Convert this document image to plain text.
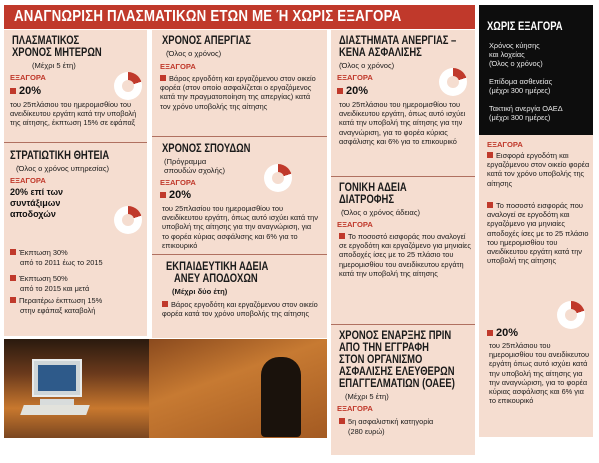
ΑΝΑΓΝΩΡΙΣΗ ΠΛΑΣΜΑΤΙΚΩΝ ΕΤΩΝ ΜΕ Ή ΧΩΡΙΣ ΕΞΑΓΟΡΑ
ΠΛΑΣΜΑΤΙΚΟΣ
ΧΡΟΝΟΣ ΜΗΤΕΡΩΝ
(Μέχρι 5 έτη)
ΕΞΑΓΟΡΑ
20%
του 25πλάσιου του ημερομισθίου του ανειδίκευτου εργάτη κατά την υποβολή της αίτησης, έκπτωση 15% σε εφάπαξ
ΣΤΡΑΤΙΩΤΙΚΗ ΘΗΤΕΙΑ
(Όλος ο χρόνος υπηρεσίας)
ΕΞΑΓΟΡΑ
20% επί των
συντάξιμων
αποδοχών
Έκπτωση 30%
από το 2011 έως το 2015
Έκπτωση 50%
από το 2015 και μετά
Περαιτέρω έκπτωση 15%
στην εφάπαξ καταβολή
ΧΡΟΝΟΣ ΑΠΕΡΓΙΑΣ
(Όλος ο χρόνος)
ΕΞΑΓΟΡΑ
Βάρος εργοδότη και εργαζόμενου στον οικείο φορέα (στον οποίο ασφαλίζεται ο εργαζόμενος κατά την πραγματοποίηση της απεργίας) κατά τον χρόνο υποβολής της αίτησης
ΧΡΟΝΟΣ ΣΠΟΥΔΩΝ
(Πρόγραμμα
σπουδών σχολής)
ΕΞΑΓΟΡΑ
20%
του 25πλασίου του ημερομισθίου του ανειδίκευτου εργάτη, όπως αυτό ισχύει κατά την υποβολή της αίτησης για την αναγνώριση, για το φορέα κύριας ασφάλισης και 6% για το επικουρικό
ΕΚΠΑΙΔΕΥΤΙΚΗ ΑΔΕΙΑ
ΑΝΕΥ ΑΠΟΔΟΧΩΝ
(Μέχρι δύο έτη)
Βάρος εργοδότη και εργαζόμενου στον οικείο φορέα κατά τον χρόνο υποβολής της αίτησης
ΔΙΑΣΤΗΜΑΤΑ ΑΝΕΡΓΙΑΣ –
ΚΕΝΑ ΑΣΦΑΛΙΣΗΣ
(Όλος ο χρόνος)
ΕΞΑΓΟΡΑ
20%
του 25πλάσιου του ημερομισθίου του ανειδίκευτου εργάτη, όπως αυτό ισχύει κατά την υποβολή της αίτησης για την αναγνώριση, για το φορέα κύριας ασφάλισης και 6% για το επικουρικό
ΓΟΝΙΚΗ ΑΔΕΙΑ
ΔΙΑΤΡΟΦΗΣ
(Όλος ο χρόνος άδειας)
ΕΞΑΓΟΡΑ
Το ποσοστό εισφοράς που αναλογεί σε εργοδότη και εργαζόμενο για μηνιαίες αποδοχές ίσες με το 25 πλάσιο του ημερομισθίου του ανειδίκευτου εργάτη κατά την υποβολή της αίτησης
ΧΡΟΝΟΣ ΕΝΑΡΞΗΣ ΠΡΙΝ
ΑΠΟ ΤΗΝ ΕΓΓΡΑΦΗ
ΣΤΟΝ ΟΡΓΑΝΙΣΜΟ
ΑΣΦΑΛΙΣΗΣ ΕΛΕΥΘΕΡΩΝ
ΕΠΑΓΓΕΛΜΑΤΙΩΝ (ΟΑΕΕ)
(Μέχρι 5 έτη)
ΕΞΑΓΟΡΑ
5η ασφαλιστική κατηγορία
(280 ευρώ)
ΧΩΡΙΣ ΕΞΑΓΟΡΑ
Χρόνος κύησης
και λοχείας
(Όλος ο χρόνος)
Επίδομα ασθενείας
(μέχρι 300 ημέρες)
Τακτική ανεργία ΟΑΕΔ
(μέχρι 300 ημέρες)
ΕΞΑΓΟΡΑ
Εισφορά εργοδότη και εργαζόμενου στον οικείο φορέα κατά τον χρόνο υποβολής της αίτησης
Το ποσοστό εισφοράς που αναλογεί σε εργοδότη και εργαζόμενο για μηνιαίες αποδοχές ίσες με το 25 πλάσιο του ημερομισθίου του ανειδίκευτου εργάτη κατά την υποβολή της αίτησης
20%
του 25πλάσιου του ημερομισθίου του ανειδίκευτου εργάτη όπως αυτό ισχύει κατά την υποβολή της αίτησης για την αναγνώριση, για το φορέα κύριας ασφάλισης και 6% για το επικουρικό
